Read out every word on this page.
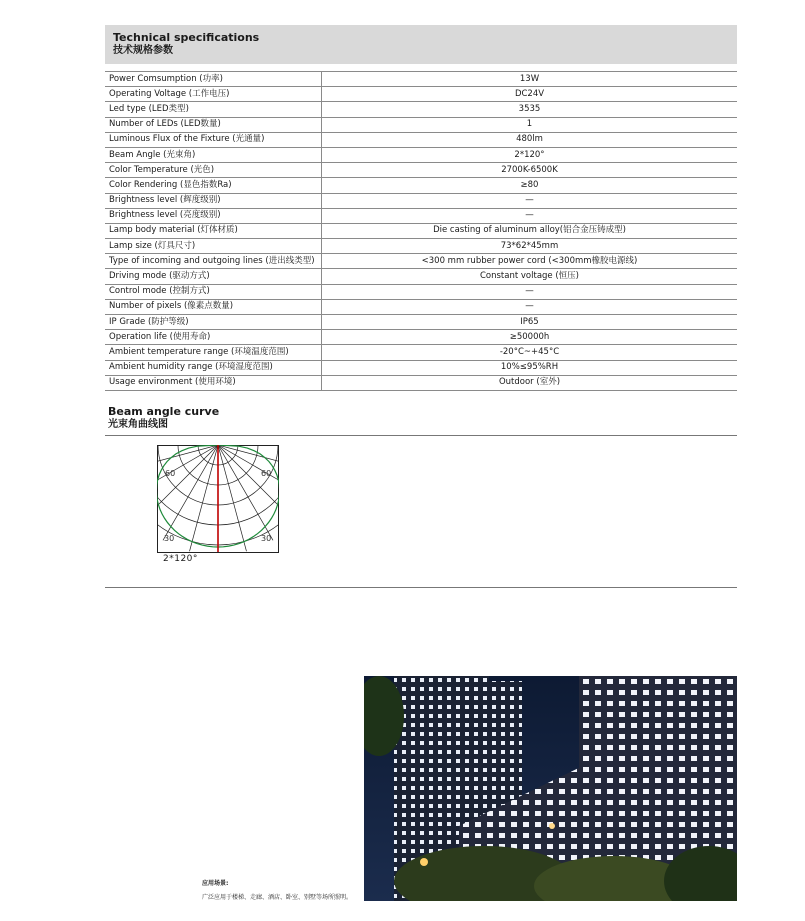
Technical specifications
技术规格参数
Power Comsumption (功率)	13W
Operating Voltage (工作电压)	DC24V
Led type (LED类型)	3535
Number of LEDs (LED数量)	1
Luminous Flux of the Fixture (光通量)	480lm
Beam Angle (光束角)	2*120°
Color Temperature (光色)	2700K-6500K
Color Rendering (显色指数Ra)	≥80
Brightness level (辉度级别)	—
Brightness level (亮度级别)	—
Lamp body material (灯体材质)	Die casting of aluminum alloy(铝合金压铸成型)
Lamp size (灯具尺寸)	73*62*45mm
Type of incoming and outgoing lines (进出线类型)	<300 mm rubber power cord (<300mm橡胶电源线)
Driving mode (驱动方式)	Constant voltage (恒压)
Control mode (控制方式)	—
Number of pixels (像素点数量)	—
IP Grade (防护等级)	IP65
Operation life (使用寿命)	≥50000h
Ambient temperature range (环境温度范围)	-20°C~+45°C
Ambient humidity range (环境湿度范围)	10%≤95%RH
Usage environment (使用环境)	Outdoor (室外)
Beam angle curve
光束角曲线图
60	60
30	30
2*120°
应用场景:
广泛应用于楼梯、走廊、酒店、卧室、别墅等场所照明。
